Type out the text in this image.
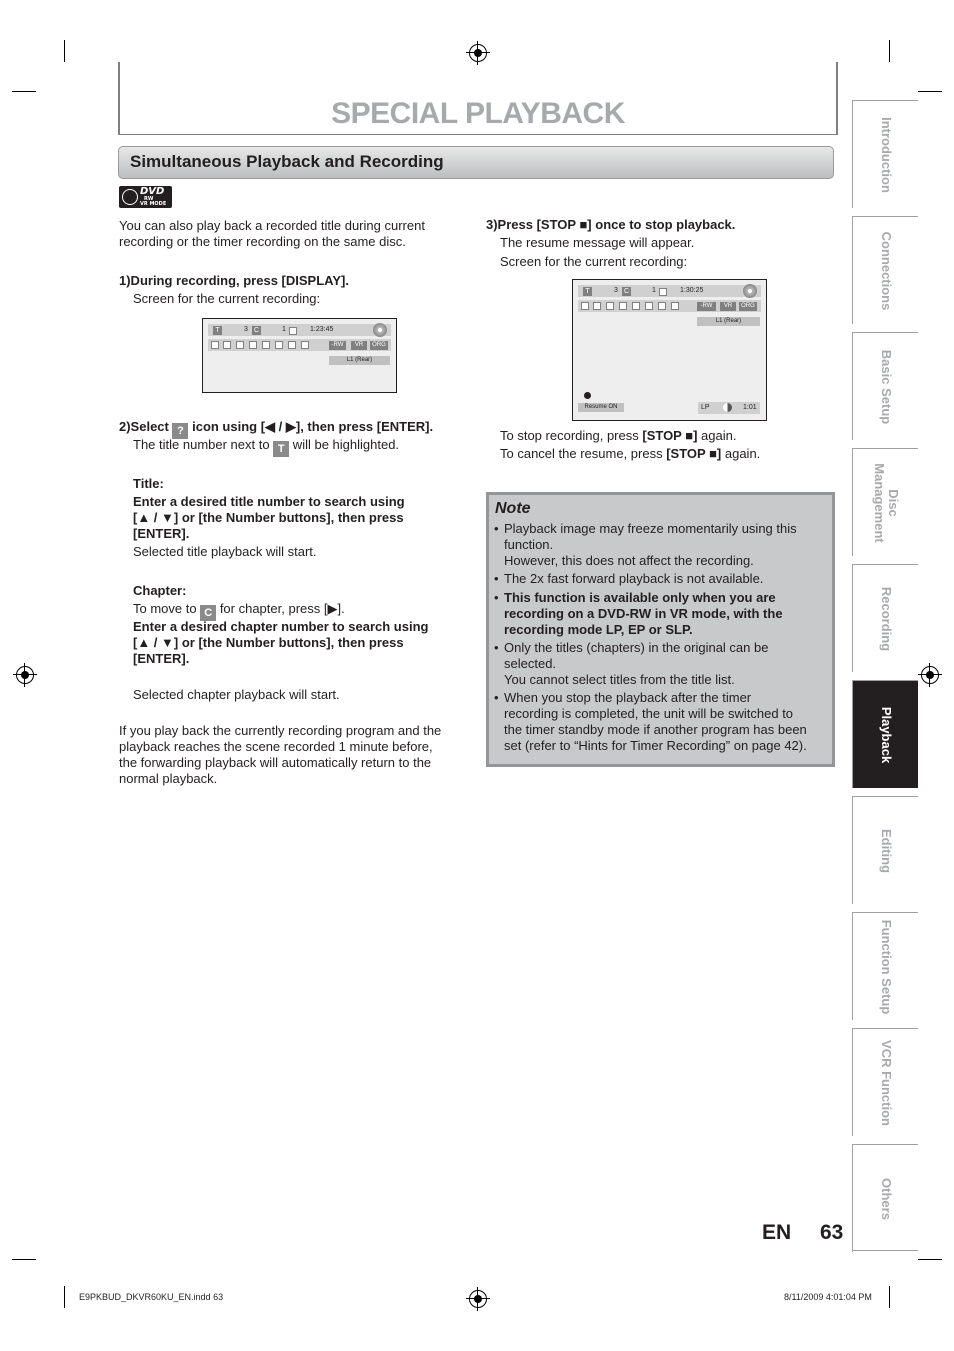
SPECIAL PLAYBACK
Simultaneous Playback and Recording
DVD
RW
VR MODE
You can also play back a recorded title during current
recording or the timer recording on the same disc.
1)During recording, press [DISPLAY].
Screen for the current recording:
T	3 C	1	1:23:45
-RW	VR	ORG
L1 (Rear)
2)Select ? icon using [◀ / ▶], then press [ENTER].
The title number next to T will be highlighted.
Title:
Enter a desired title number to search using
[▲ / ▼] or [the Number buttons], then press
[ENTER].
Selected title playback will start.
Chapter:
To move to C for chapter, press [▶].
Enter a desired chapter number to search using
[▲ / ▼] or [the Number buttons], then press
[ENTER].
Selected chapter playback will start.
If you play back the currently recording program and the
playback reaches the scene recorded 1 minute before,
the forwarding playback will automatically return to the
normal playback.
3)Press [STOP ■] once to stop playback.
The resume message will appear.
Screen for the current recording:
T	3 C	1	1:30:25
-RW	VR	ORG
L1 (Rear)
Resume ON	LP	1:01
To stop recording, press [STOP ■] again.
To cancel the resume, press [STOP ■] again.
Note
• Playback image may freeze momentarily using this
function.
However, this does not affect the recording.
• The 2x fast forward playback is not available.
• This function is available only when you are
recording on a DVD-RW in VR mode, with the
recording mode LP, EP or SLP.
• Only the titles (chapters) in the original can be
selected.
You cannot select titles from the title list.
• When you stop the playback after the timer
recording is completed, the unit will be switched to
the timer standby mode if another program has been
set (refer to “Hints for Timer Recording” on page 42).
Introduction
Connections
Basic Setup
Disc
Management
Recording
Playback
Editing
Function Setup
VCR Function
Others
EN 63
E9PKBUD_DKVR60KU_EN.indd 63	8/11/2009 4:01:04 PM
